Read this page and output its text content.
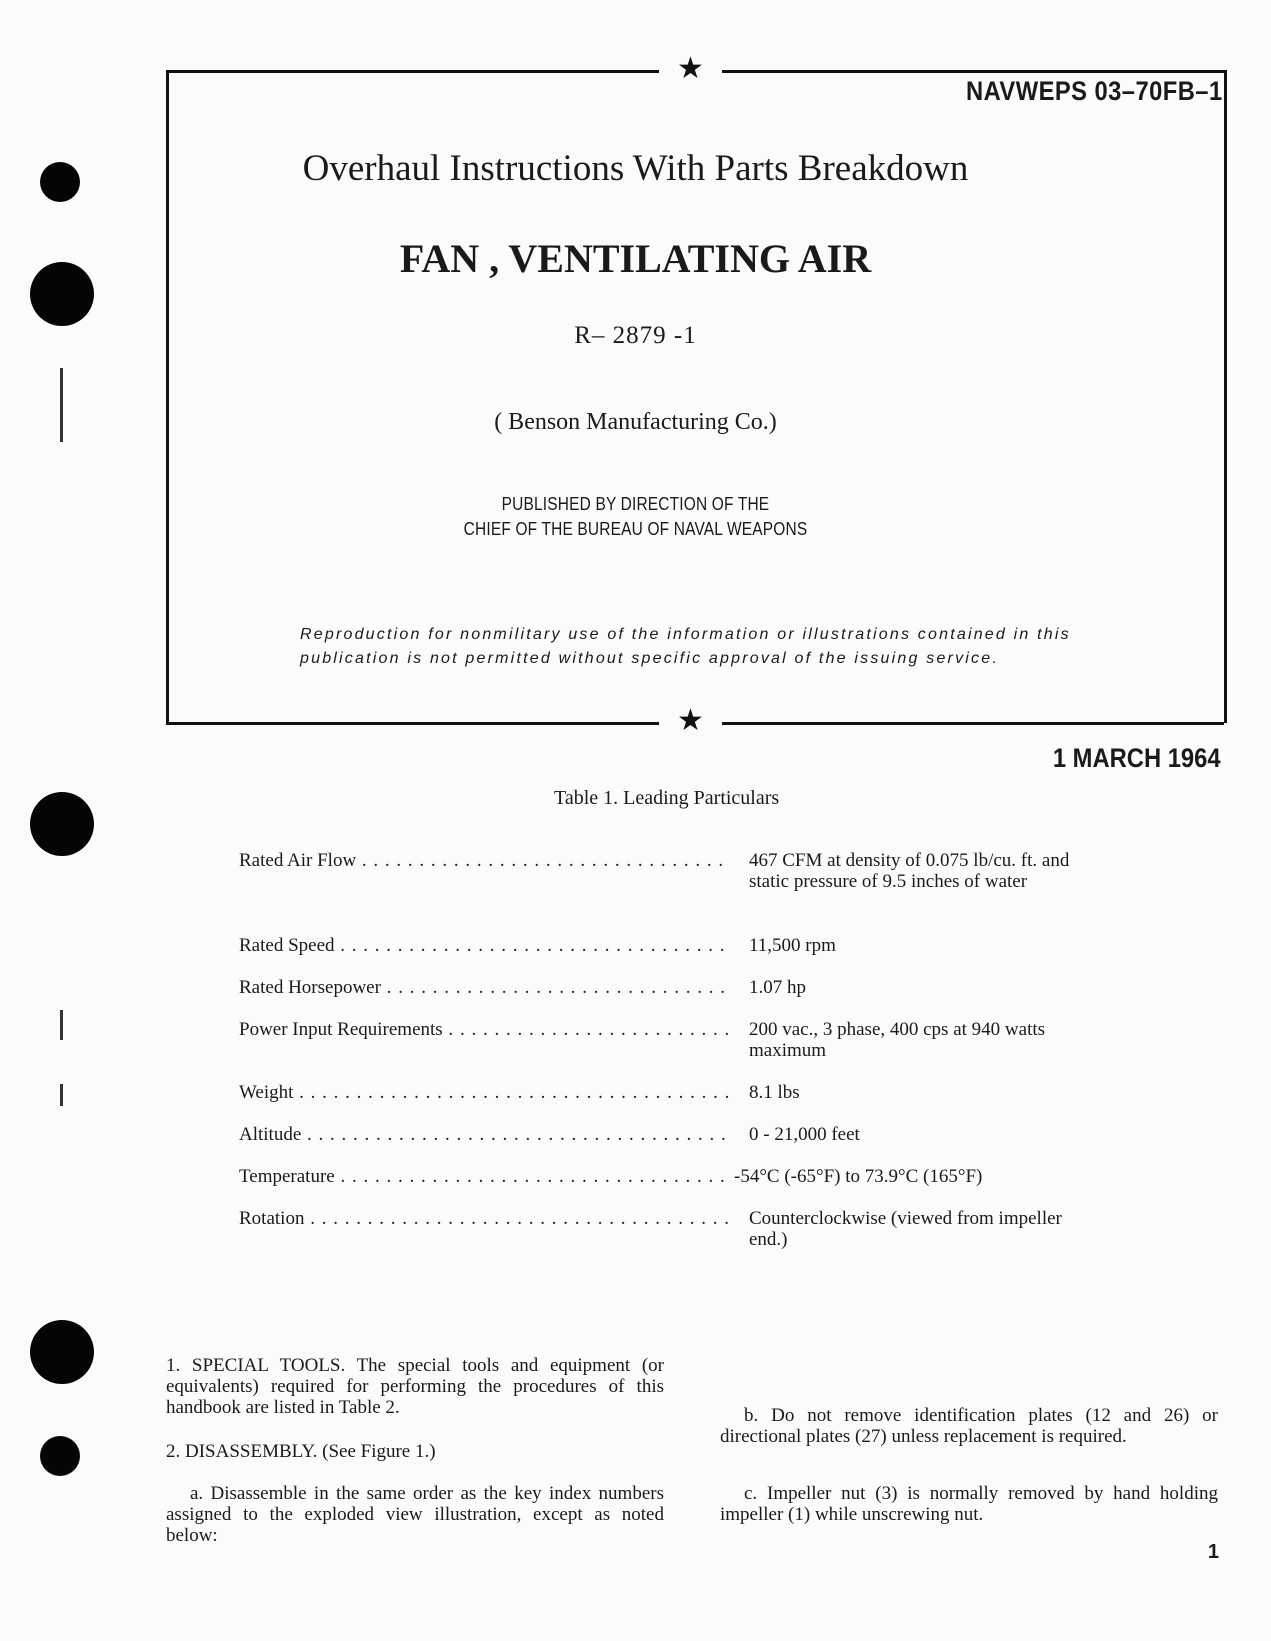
★
★
NAVWEPS 03–70FB–1
Overhaul Instructions With Parts Breakdown
FAN , VENTILATING AIR
R– 2879 -1
( Benson Manufacturing Co.)
PUBLISHED BY DIRECTION OF THE
CHIEF OF THE BUREAU OF NAVAL WEAPONS
Reproduction for nonmilitary use of the information or illustrations contained in this
publication is not permitted without specific approval of the issuing service.
1 MARCH 1964
Table 1. Leading Particulars
Rated Air Flow . . .	467 CFM at density of 0.075 lb/cu. ft. and static pressure of 9.5 inches of water
Rated Speed . . .	11,500 rpm
Rated Horsepower . . .	1.07 hp
Power Input Requirements . . .	200 vac., 3 phase, 400 cps at 940 watts maximum
Weight . . .	8.1 lbs
Altitude . . .	0 - 21,000 feet
Temperature . . .	-54°C (-65°F) to 73.9°C (165°F)
Rotation . . .	Counterclockwise (viewed from impeller end.)
1. SPECIAL TOOLS. The special tools and equipment (or equivalents) required for performing the procedures of this handbook are listed in Table 2.
2. DISASSEMBLY. (See Figure 1.)
a. Disassemble in the same order as the key index numbers assigned to the exploded view illustration, except as noted below:
b. Do not remove identification plates (12 and 26) or directional plates (27) unless replacement is required.
c. Impeller nut (3) is normally removed by hand holding impeller (1) while unscrewing nut.
1
